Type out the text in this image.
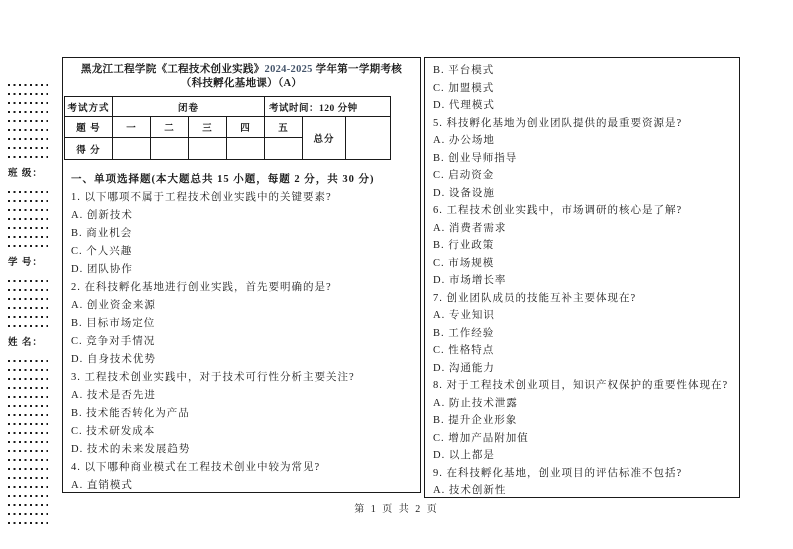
班 级：
学 号：
姓 名：
黑龙江工程学院《工程技术创业实践》2024-2025 学年第一学期考核
（科技孵化基地课）（A）
考试方式	闭卷				考试时间：120 分钟		
题 号	一	二	三	四	五	总分	
得 分							
一、单项选择题(本大题总共 15 小题，每题 2 分，共 30 分)
1. 以下哪项不属于工程技术创业实践中的关键要素?
A. 创新技术
B. 商业机会
C. 个人兴趣
D. 团队协作
2. 在科技孵化基地进行创业实践，首先要明确的是?
A. 创业资金来源
B. 目标市场定位
C. 竞争对手情况
D. 自身技术优势
3. 工程技术创业实践中，对于技术可行性分析主要关注?
A. 技术是否先进
B. 技术能否转化为产品
C. 技术研发成本
D. 技术的未来发展趋势
4. 以下哪种商业模式在工程技术创业中较为常见?
A. 直销模式
B. 平台模式
C. 加盟模式
D. 代理模式
5. 科技孵化基地为创业团队提供的最重要资源是?
A. 办公场地
B. 创业导师指导
C. 启动资金
D. 设备设施
6. 工程技术创业实践中，市场调研的核心是了解?
A. 消费者需求
B. 行业政策
C. 市场规模
D. 市场增长率
7. 创业团队成员的技能互补主要体现在?
A. 专业知识
B. 工作经验
C. 性格特点
D. 沟通能力
8. 对于工程技术创业项目，知识产权保护的重要性体现在?
A. 防止技术泄露
B. 提升企业形象
C. 增加产品附加值
D. 以上都是
9. 在科技孵化基地，创业项目的评估标准不包括?
A. 技术创新性
第 1 页 共 2 页
